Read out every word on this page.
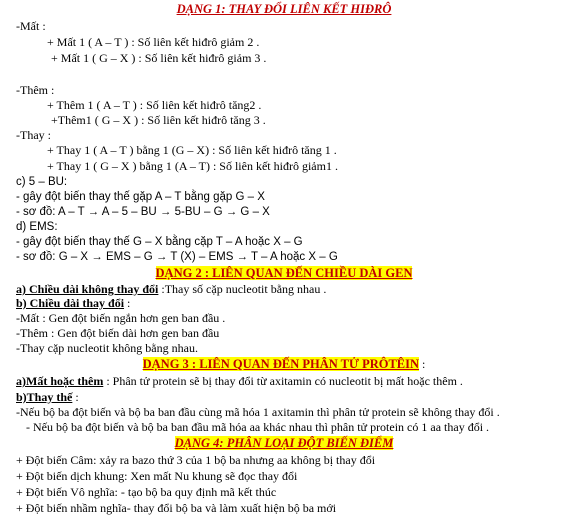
DẠNG 1: THAY ĐỔI LIÊN KẾT HIĐRÔ
-Mất :
+ Mất 1 ( A – T ) : Số liên kết hiđrô giảm 2 .
+ Mất 1 ( G – X ) : Số liên kết hiđrô giảm 3 .
-Thêm :
+ Thêm 1 ( A – T ) : Số liên kết hiđrô tăng2 .
+Thêm1 ( G – X ) : Số liên kết hiđrô tăng 3 .
-Thay :
+ Thay 1 ( A – T ) bằng 1 (G – X) : Số liên kết hiđrô tăng 1 .
+ Thay 1 ( G – X ) bằng 1 (A – T) : Số liên kết hiđrô giảm1 .
c) 5 – BU:
- gây đột biến thay thế gặp A – T bằng gặp G – X
- sơ đồ: A – T → A – 5 – BU → 5-BU – G → G – X
d) EMS:
- gây đột biến thay thế G – X bằng cặp T – A hoặc X – G
- sơ đồ: G – X → EMS – G → T (X) – EMS → T – A hoặc X – G
DẠNG 2 : LIÊN QUAN ĐẾN CHIỀU DÀI GEN
a) Chiều dài không thay đổi :Thay số cặp nucleotit bằng nhau .
b) Chiều dài thay đổi :
-Mất : Gen đột biến ngắn hơn gen ban đầu .
-Thêm : Gen đột biến dài hơn gen ban đầu
-Thay cặp nucleotit không bằng nhau.
DẠNG 3 : LIÊN QUAN ĐẾN PHÂN TỬ PRÔTÊIN :
a)Mất hoặc thêm : Phân tử protein sẽ bị thay đổi từ axitamin có nucleotit bị mất hoặc thêm .
b)Thay thế :
-Nếu bộ ba đột biến và bộ ba ban đầu cùng mã hóa 1 axitamin thì phân tử protein sẽ không thay đổi .
- Nếu bộ ba đột biến và bộ ba ban đầu mã hóa aa khác nhau thì phân tử protein có 1 aa thay đổi .
DẠNG 4: PHÂN LOẠI ĐỘT BIẾN ĐIỂM
+ Đột biến Câm: xảy ra bazo thứ 3 của 1 bộ ba nhưng aa không bị thay đổi
+ Đột biến dịch khung: Xen mất Nu khung sẽ đọc thay đổi
+ Đột biến Vô nghĩa: - tạo bộ ba quy định mã kết thúc
+ Đột biến nhầm nghĩa- thay đổi bộ ba và làm xuất hiện bộ ba mới
